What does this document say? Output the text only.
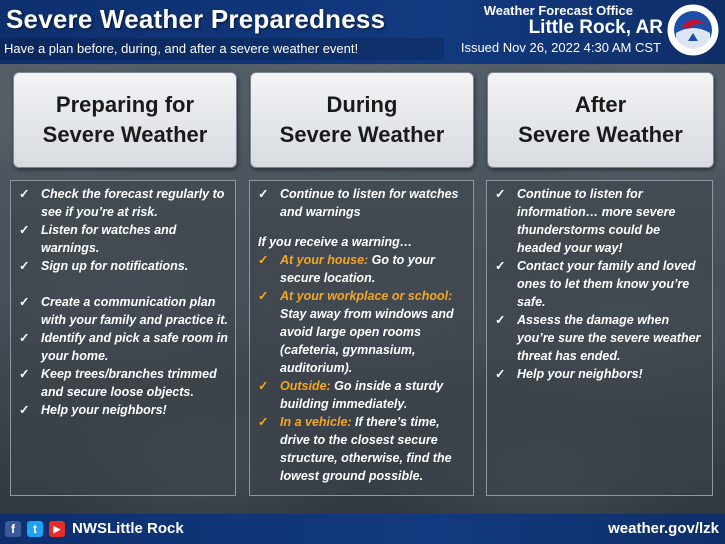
Severe Weather Preparedness
Have a plan before, during, and after a severe weather event!
Weather Forecast Office
Little Rock, AR
Issued Nov 26, 2022 4:30 AM CST
Preparing for
Severe Weather
During
Severe Weather
After
Severe Weather
✓ Check the forecast regularly to see if you’re at risk.
✓ Listen for watches and warnings.
✓ Sign up for notifications.
✓ Create a communication plan with your family and practice it.
✓ Identify and pick a safe room in your home.
✓ Keep trees/branches trimmed and secure loose objects.
✓ Help your neighbors!
✓ Continue to listen for watches and warnings
If you receive a warning…
✓ At your house: Go to your secure location.
✓ At your workplace or school: Stay away from windows and avoid large open rooms (cafeteria, gymnasium, auditorium).
✓ Outside: Go inside a sturdy building immediately.
✓ In a vehicle: If there’s time, drive to the closest secure structure, otherwise, find the lowest ground possible.
✓ Continue to listen for information… more severe thunderstorms could be headed your way!
✓ Contact your family and loved ones to let them know you’re safe.
✓ Assess the damage when you’re sure the severe weather threat has ended.
✓ Help your neighbors!
f	t	▶ NWSLittle Rock	weather.gov/lzk
